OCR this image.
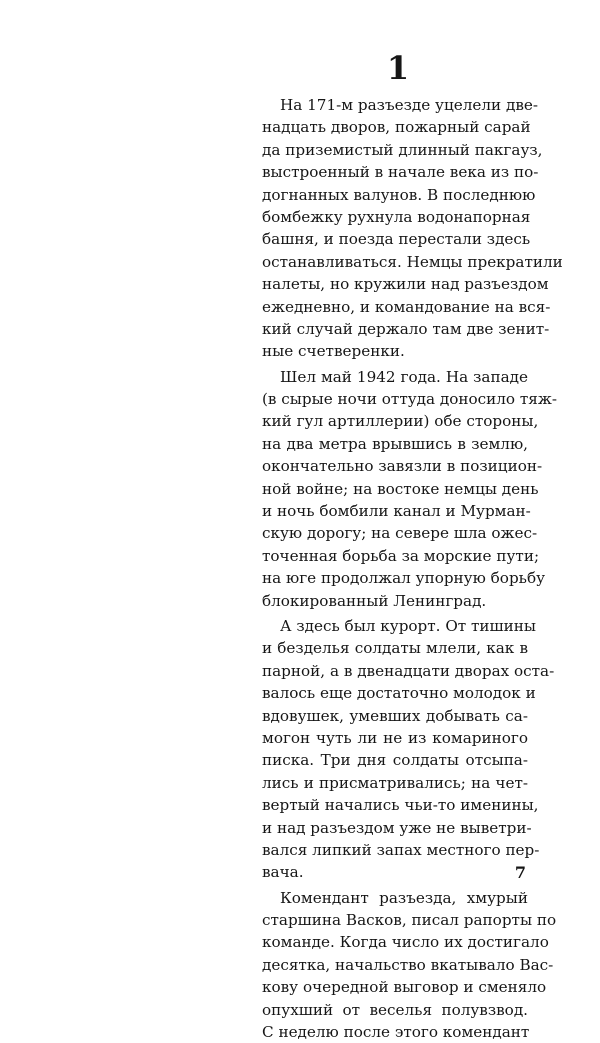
1
На 171-м разъезде уцелели две-
надцать дворов, пожарный сарай
да приземистый длинный пакгауз,
выстроенный в начале века из по-
догнанных валунов. В последнюю
бомбежку рухнула водонапорная
башня, и поезда перестали здесь
останавливаться. Немцы прекратили
налеты, но кружили над разъездом
ежедневно, и командование на вся-
кий случай держало там две зенит-
ные счетверенки.
Шел май 1942 года. На западе
(в сырые ночи оттуда доносило тяж-
кий гул артиллерии) обе стороны,
на два метра врывшись в землю,
окончательно завязли в позицион-
ной войне; на востоке немцы день
и ночь бомбили канал и Мурман-
скую дорогу; на севере шла ожес-
точенная борьба за морские пути;
на юге продолжал упорную борьбу
блокированный Ленинград.
А здесь был курорт. От тишины
и безделья солдаты млели, как в
парной, а в двенадцати дворах оста-
валось еще достаточно молодок и
вдовушек, умевших добывать са-
могон чуть ли не из комариного
писка. Три дня солдаты отсыпа-
лись и присматривались; на чет-
вертый начались чьи-то именины,
и над разъездом уже не выветри-
вался липкий запах местного пер-
вача.
Комендант разъезда, хмурый
старшина Васков, писал рапорты по
команде. Когда число их достигало
десятка, начальство вкатывало Вас-
кову очередной выговор и сменяло
опухший от веселья полувзвод.
С неделю после этого комендант
7
